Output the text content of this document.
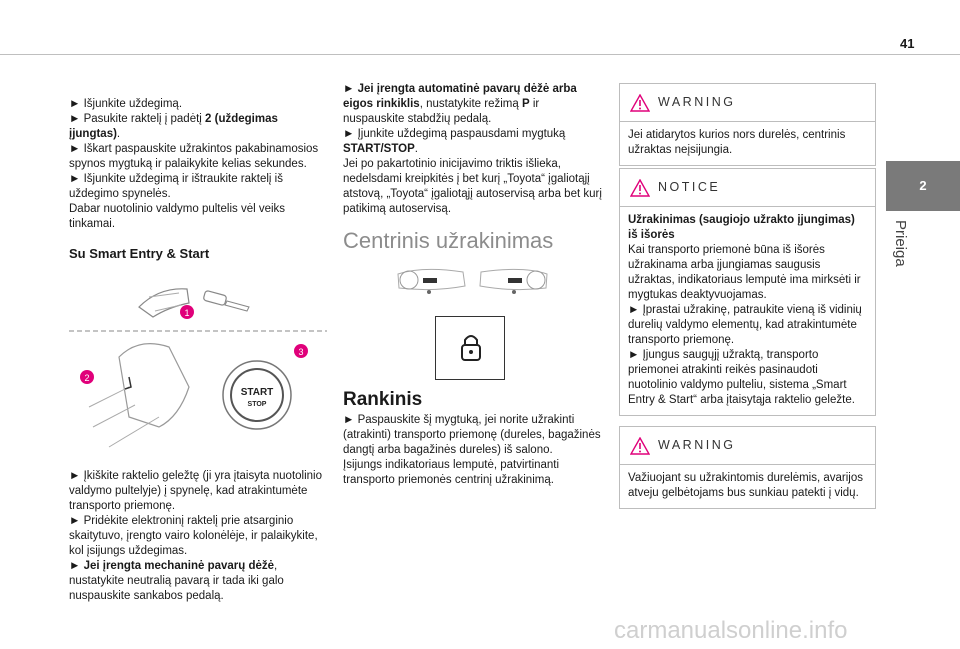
41
2
Prieiga

► Išjunkite uždegimą.

► Pasukite raktelį į padėtį 2 (uždegimas įjungtas).

► Iškart paspauskite užrakintos pakabinamosios spynos mygtuką ir palaikykite kelias sekundes.

► Išjunkite uždegimą ir ištraukite raktelį iš uždegimo spynelės.

Dabar nuotolinio valdymo pultelis vėl veiks tinkamai.

Su Smart Entry & Start

1
2
START
STOP
3

► Įkiškite raktelio geležtę (ji yra įtaisyta nuotolinio valdymo pultelyje) į spynelę, kad atrakintumėte transporto priemonę.

► Pridėkite elektroninį raktelį prie atsarginio skaitytuvo, įrengto vairo kolonėlėje, ir palaikykite, kol įsijungs uždegimas.

► Jei įrengta mechaninė pavarų dėžė, nustatykite neutralią pavarą ir tada iki galo nuspauskite sankabos pedalą.

► Jei įrengta automatinė pavarų dėžė arba eigos rinkiklis, nustatykite režimą P ir nuspauskite stabdžių pedalą.

► Įjunkite uždegimą paspausdami mygtuką START/STOP.

Jei po pakartotinio inicijavimo triktis išlieka, nedelsdami kreipkitės į bet kurį „Toyota“ įgaliotąjį atstovą, „Toyota“ įgaliotąjį autoservisą arba bet kurį patikimą autoservisą.

Centrinis užrakinimas

Rankinis

► Paspauskite šį mygtuką, jei norite užrakinti (atrakinti) transporto priemonę (dureles, bagažinės dangtį arba bagažinės dureles) iš salono.

Įsijungs indikatoriaus lemputė, patvirtinanti transporto priemonės centrinį užrakinimą.

WARNING
Jei atidarytos kurios nors durelės, centrinis užraktas neįsijungia.
NOTICE

Užrakinimas (saugiojo užrakto įjungimas) iš išorės

Kai transporto priemonė būna iš išorės užrakinama arba įjungiamas saugusis užraktas, indikatoriaus lemputė ima mirksėti ir mygtukas deaktyvuojamas.

► Įprastai užrakinę, patraukite vieną iš vidinių durelių valdymo elementų, kad atrakintumėte transporto priemonę.

► Įjungus saugųjį užraktą, transporto priemonei atrakinti reikės pasinaudoti nuotolinio valdymo pulteliu, sistema „Smart Entry & Start“ arba įtaisytąja raktelio geležte.

WARNING
Važiuojant su užrakintomis durelėmis, avarijos atveju gelbėtojams bus sunkiau patekti į vidų.
carmanualsonline.info
